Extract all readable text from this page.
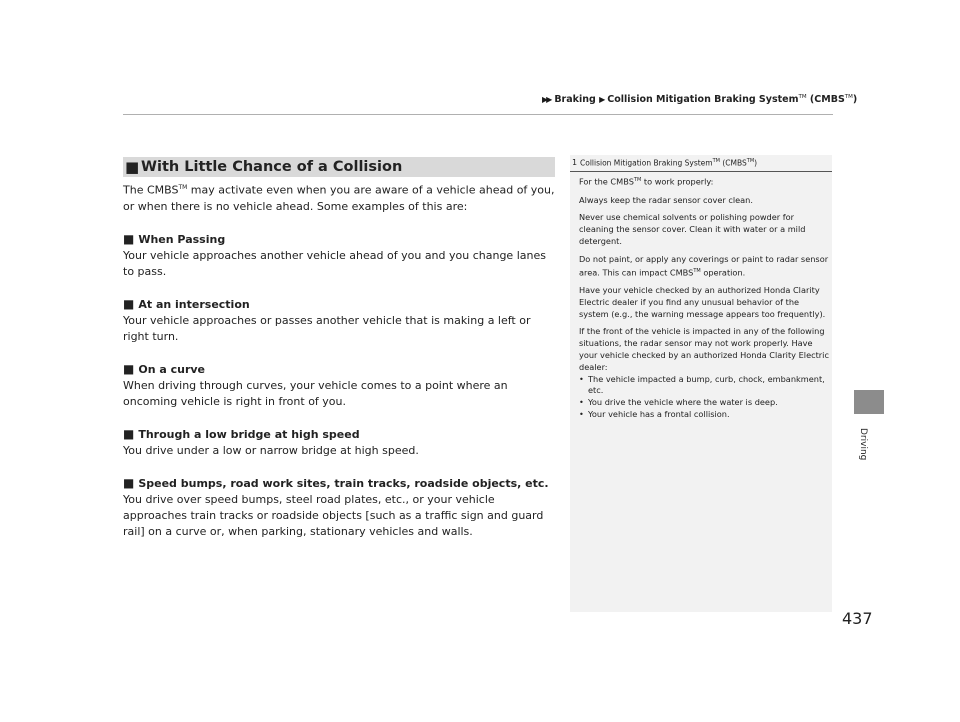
▶▶ Braking ▶ Collision Mitigation Braking System™ (CMBS™)
Driving
■ With Little Chance of a Collision

The CMBS™ may activate even when you are aware of a vehicle ahead of you, or when there is no vehicle ahead. Some examples of this are:

■ When Passing

Your vehicle approaches another vehicle ahead of you and you change lanes to pass.

■ At an intersection

Your vehicle approaches or passes another vehicle that is making a left or right turn.

■ On a curve

When driving through curves, your vehicle comes to a point where an oncoming vehicle is right in front of you.

■ Through a low bridge at high speed

You drive under a low or narrow bridge at high speed.

■ Speed bumps, road work sites, train tracks, roadside objects, etc.

You drive over speed bumps, steel road plates, etc., or your vehicle approaches train tracks or roadside objects [such as a traffic sign and guard rail] on a curve or, when parking, stationary vehicles and walls.

1 Collision Mitigation Braking System™ (CMBS™)

For the CMBS™ to work properly:

Always keep the radar sensor cover clean.

Never use chemical solvents or polishing powder for cleaning the sensor cover. Clean it with water or a mild detergent.

Do not paint, or apply any coverings or paint to radar sensor area. This can impact CMBS™ operation.

Have your vehicle checked by an authorized Honda Clarity Electric dealer if you find any unusual behavior of the system (e.g., the warning message appears too frequently).

If the front of the vehicle is impacted in any of the following situations, the radar sensor may not work properly. Have your vehicle checked by an authorized Honda Clarity Electric dealer:

• The vehicle impacted a bump, curb, chock, embankment, etc.
• You drive the vehicle where the water is deep.
• Your vehicle has a frontal collision.
437
